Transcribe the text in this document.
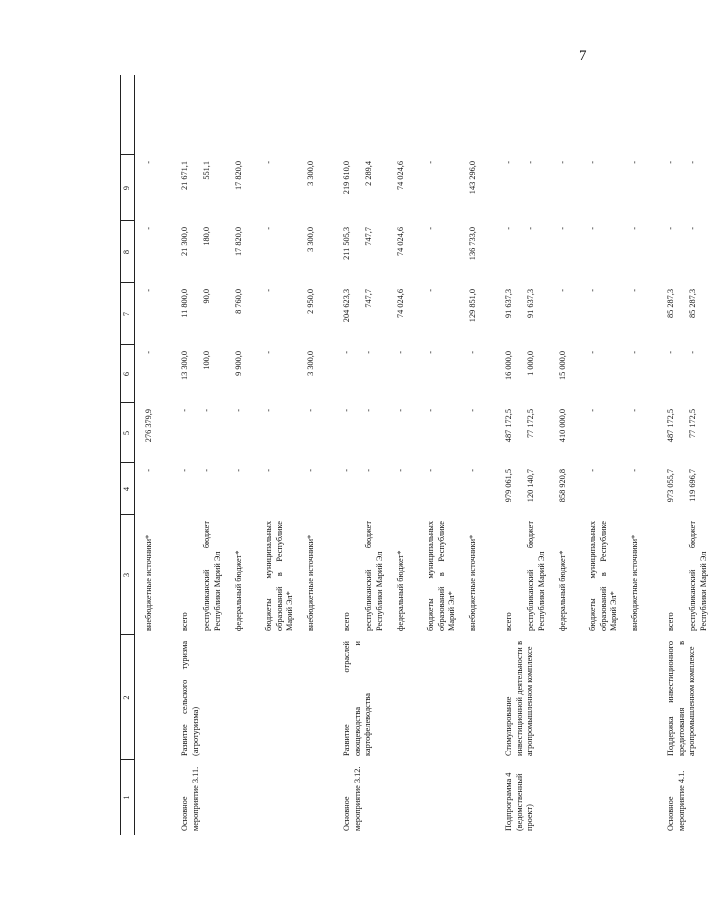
7
1
2
3
4
5
6
7
8
9
внебюджетные источники*
-
276 379,9
-
-
-
-
Основное мероприятие 3.11.
Развитие сельского туризма (агротуризма)
всего
-
-
13 300,0
11 800,0
21 300,0
21 671,1
республиканский бюджет Республики Марий Эл
-
-
100,0
90,0
180,0
551,1
федеральный бюджет*
-
-
9 900,0
8 760,0
17 820,0
17 820,0
бюджеты муниципальных образований в Республике Марий Эл*
-
-
-
-
-
-
внебюджетные источники*
-
-
3 300,0
2 950,0
3 300,0
3 300,0
Основное мероприятие 3.12.
Развитие отраслей овощеводства и картофелеводства
всего
-
-
-
204 623,3
211 505,3
219 610,0
республиканский бюджет Республики Марий Эл
-
-
-
747,7
747,7
2 289,4
федеральный бюджет*
-
-
-
74 024,6
74 024,6
74 024,6
бюджеты муниципальных образований в Республике Марий Эл*
-
-
-
-
-
-
внебюджетные источники*
-
-
-
129 851,0
136 733,0
143 296,0
Подпрограмма 4 (ведомственный проект)
Стимулирование инвестиционной деятельности в агропромышленном комплексе
всего
979 061,5
487 172,5
16 000,0
91 637,3
-
-
республиканский бюджет Республики Марий Эл
120 140,7
77 172,5
1 000,0
91 637,3
-
-
федеральный бюджет*
858 920,8
410 000,0
15 000,0
-
-
-
бюджеты муниципальных образований в Республике Марий Эл*
-
-
-
-
-
-
внебюджетные источники*
-
-
-
-
-
-
Основное мероприятие 4.1.
Поддержка инвестиционного кредитования в агропромышленном комплексе
всего
973 055,7
487 172,5
-
85 287,3
-
-
республиканский бюджет Республики Марий Эл
119 696,7
77 172,5
-
85 287,3
-
-
